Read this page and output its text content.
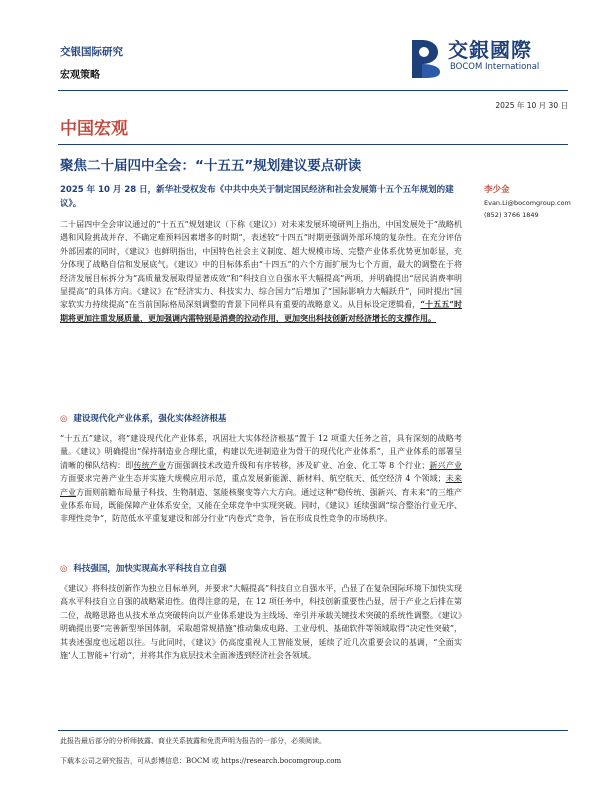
交银国际研究
宏观策略
交銀國際
BOCOM International
2025 年 10 月 30 日
中国宏观
聚焦二十届四中全会：“十五五”规划建议要点研读
2025 年 10 月 28 日，新华社受权发布《中共中央关于制定国民经济和社会发展第十五个五年规划的建议》。
李少金
Evan.Li@bocomgroup.com
(852) 3766 1849

二十届四中全会审议通过的“十五五”规划建议（下称《建议》）对未来发展环境研判上指出，中国发展处于“战略机遇和风险挑战并存、不确定难预料因素增多的时期”，表述较“十四五”时期更强调外部环境的复杂性。在充分评估外部因素的同时，《建议》也鲜明指出，中国特色社会主义制度、超大规模市场、完整产业体系优势更加彰显，充分体现了战略自信和发展底气。《建议》中的目标体系由“十四五”的六个方面扩展为七个方面，最大的调整在于将经济发展目标拆分为“高质量发展取得显著成效”和“科技自立自强水平大幅提高”两项，并明确提出“居民消费率明显提高”的具体方向。《建议》在“经济实力、科技实力、综合国力”后增加了“国际影响力大幅跃升”，同时提出“国家软实力持续提高”在当前国际格局深刻调整的背景下同样具有重要的战略意义。从目标设定逻辑看，“十五五”时期将更加注重发展质量，更加强调内需特别是消费的拉动作用，更加突出科技创新对经济增长的支撑作用。

◎ 建设现代化产业体系，强化实体经济根基

“十五五”建议，将“建设现代化产业体系，巩固壮大实体经济根基”置于 12 项重大任务之首，具有深刻的战略考量。《建议》明确提出“保持制造业合理比重，构建以先进制造业为骨干的现代化产业体系”，且产业体系的部署呈清晰的梯队结构：即传统产业方面强调技术改造升级和有序转移，涉及矿业、冶金、化工等 8 个行业；新兴产业方面要求完善产业生态并实施大规模应用示范，重点发展新能源、新材料、航空航天、低空经济 4 个领域；未来产业方面则前瞻布局量子科技、生物制造、氢能核聚变等六大方向。通过这种“稳传统、强新兴、育未来”的三维产业体系布局，既能保障产业体系安全，又能在全球竞争中实现突破。同时，《建议》延续强调“综合整治行业无序、非理性竞争”，防范低水平重复建设和部分行业“内卷式”竞争，旨在形成良性竞争的市场秩序。

◎ 科技强国，加快实现高水平科技自立自强

《建议》将科技创新作为独立目标单列，并要求“大幅提高”科技自立自强水平，凸显了在复杂国际环境下加快实现高水平科技自立自强的战略紧迫性。值得注意的是，在 12 项任务中，科技创新重要性凸显，居于产业之后排在第二位，战略思路也从技术单点突破转向以产业体系建设为主线场、牵引并承载关键技术突破的系统性调整。《建议》明确提出要“完善新型举国体制，采取超常规措施”推动集成电路、工业母机、基础软件等领域取得“决定性突破”，其表述强度也远超以往。与此同时，《建议》仍高度重视人工智能发展，延续了近几次重要会议的基调，“全面实施‘人工智能+’行动”，并将其作为底层技术全面渗透到经济社会各领域。

此报告最后部分的分析师披露、商业关系披露和免责声明为报告的一部分，必须阅读。
下载本公司之研究报告，可从彭博信息：BOCM 或 https://research.bocomgroup.com
